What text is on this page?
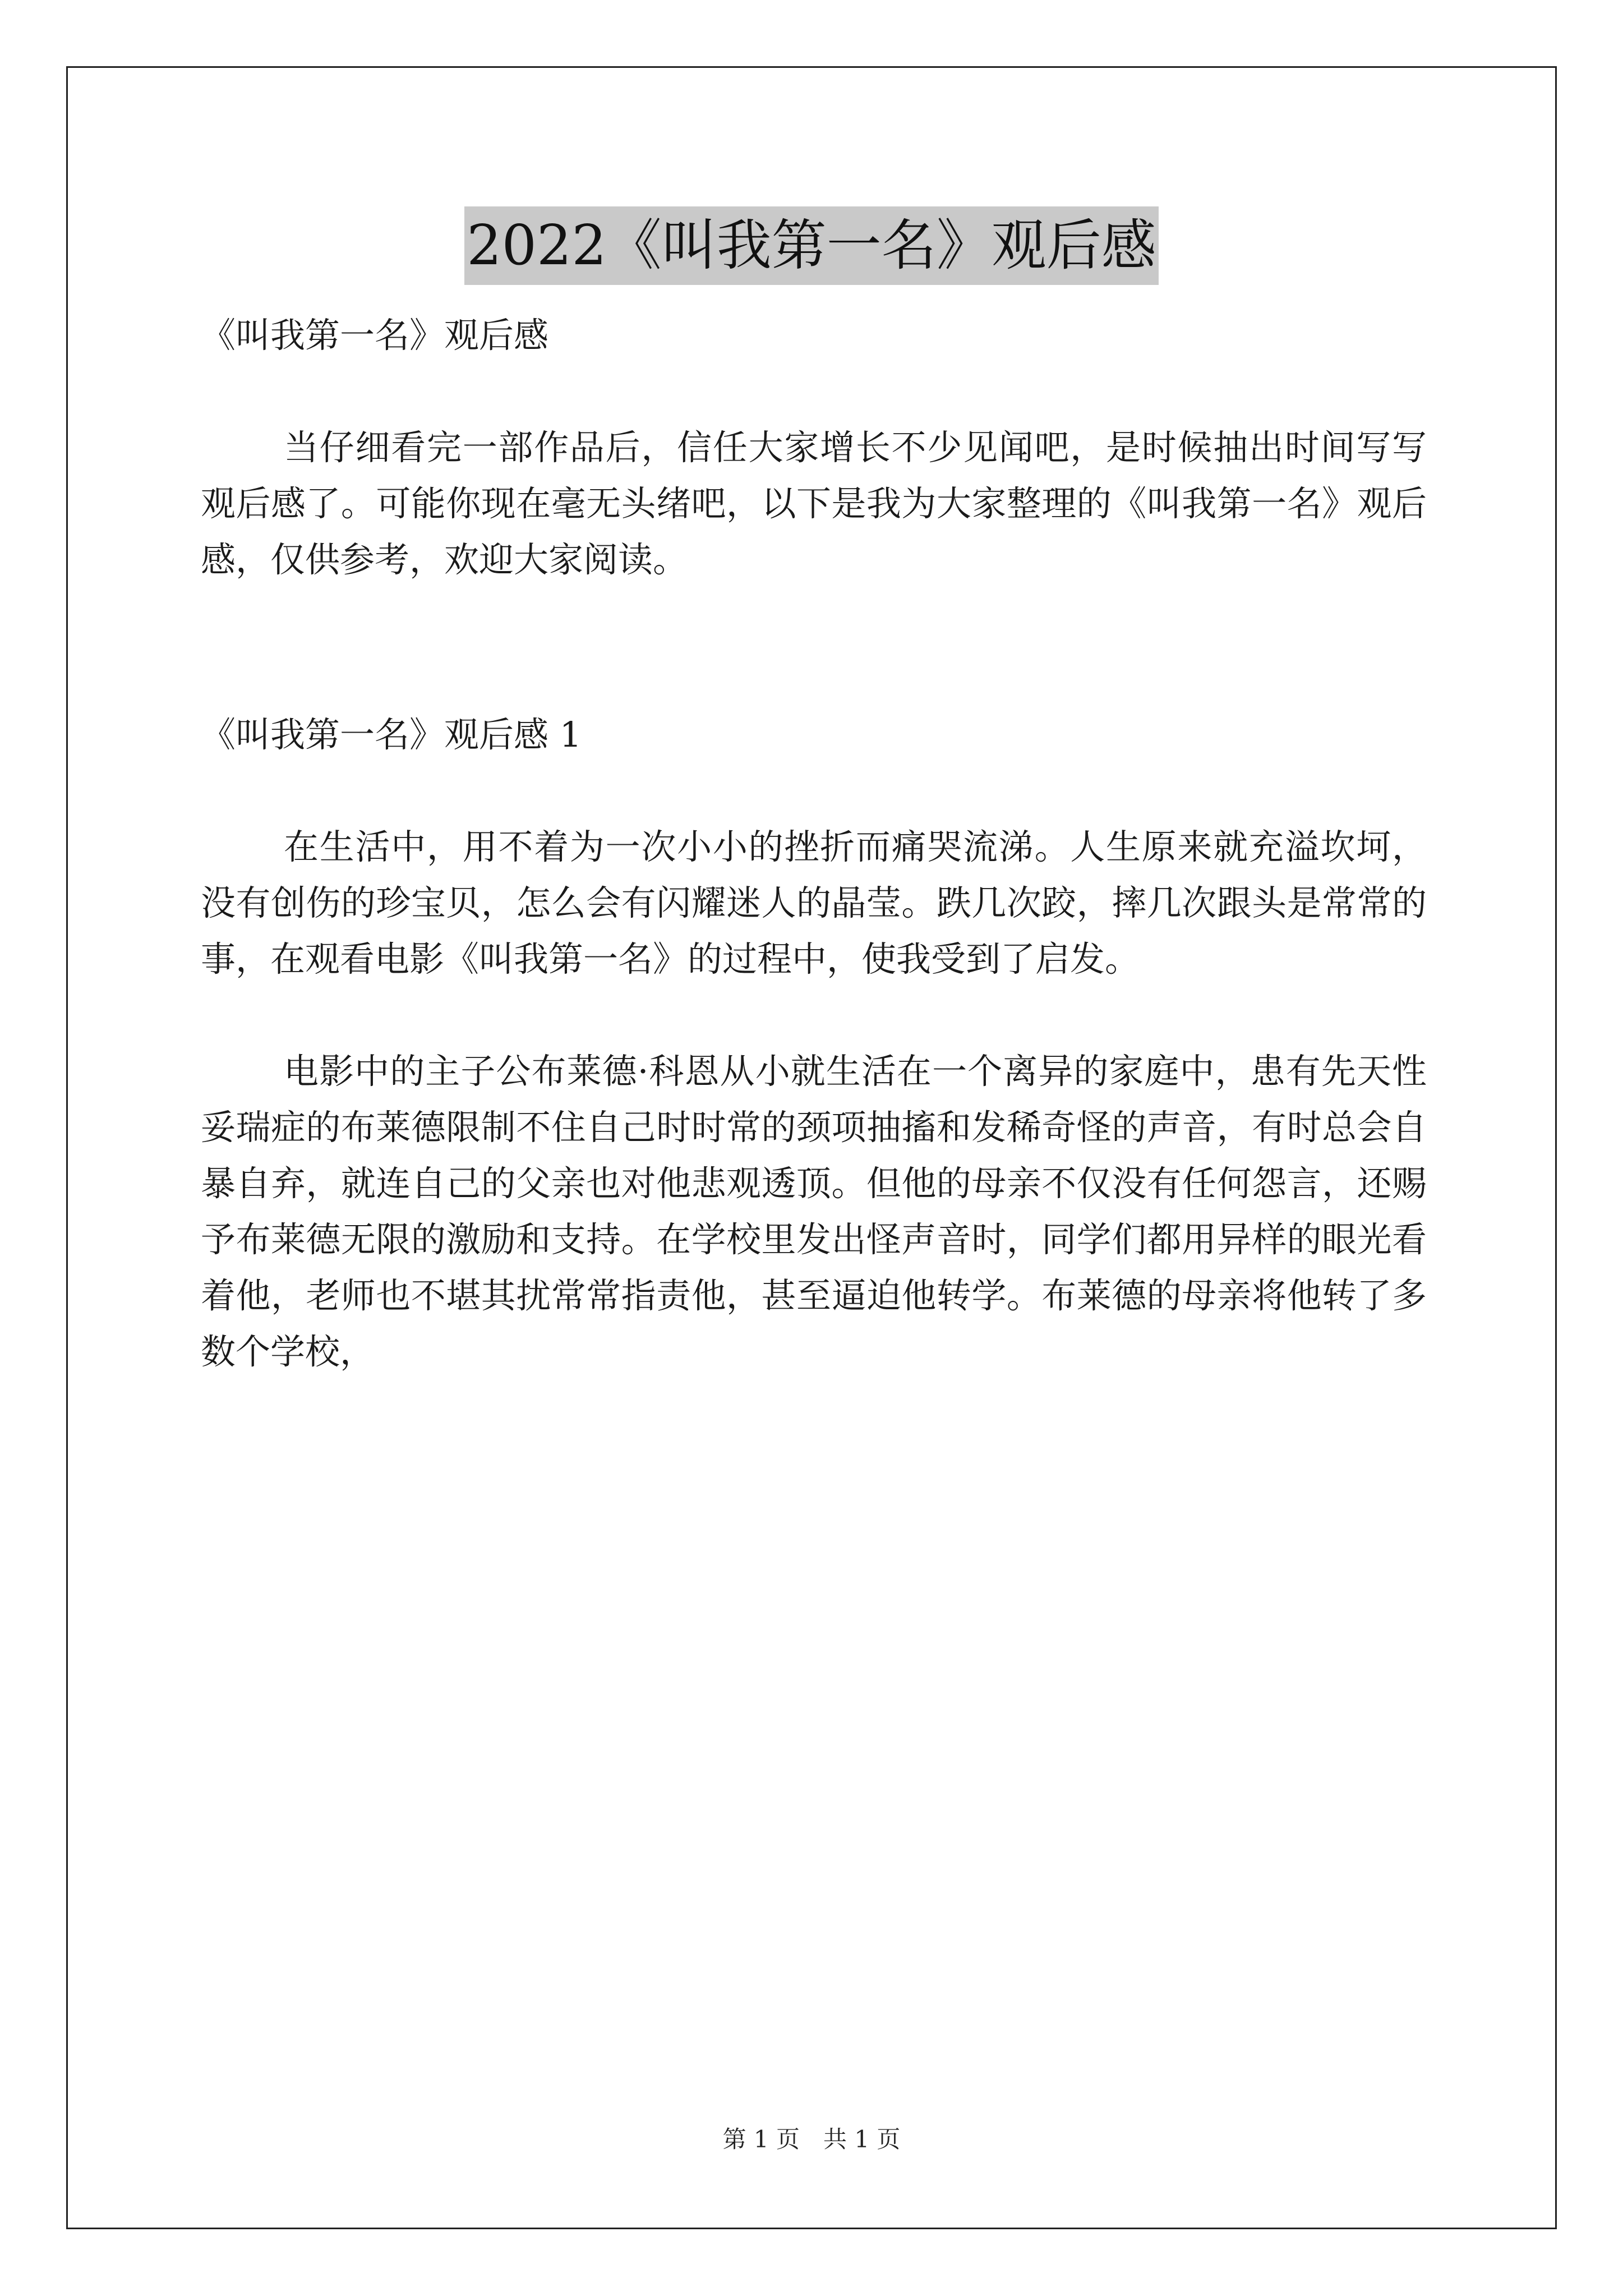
2022《叫我第一名》观后感

《叫我第一名》观后感

当仔细看完一部作品后，信任大家增长不少见闻吧，是时候抽出时间写写观后感了。可能你现在毫无头绪吧，以下是我为大家整理的《叫我第一名》观后感，仅供参考，欢迎大家阅读。

《叫我第一名》观后感 1

在生活中，用不着为一次小小的挫折而痛哭流涕。人生原来就充溢坎坷，没有创伤的珍宝贝，怎么会有闪耀迷人的晶莹。跌几次跤，摔几次跟头是常常的事，在观看电影《叫我第一名》的过程中，使我受到了启发。

电影中的主子公布莱德·科恩从小就生活在一个离异的家庭中，患有先天性妥瑞症的布莱德限制不住自己时时常的颈项抽搐和发稀奇怪的声音，有时总会自暴自弃，就连自己的父亲也对他悲观透顶。但他的母亲不仅没有任何怨言，还赐予布莱德无限的激励和支持。在学校里发出怪声音时，同学们都用异样的眼光看着他，老师也不堪其扰常常指责他，甚至逼迫他转学。布莱德的母亲将他转了多数个学校，

第 1 页　共 1 页
